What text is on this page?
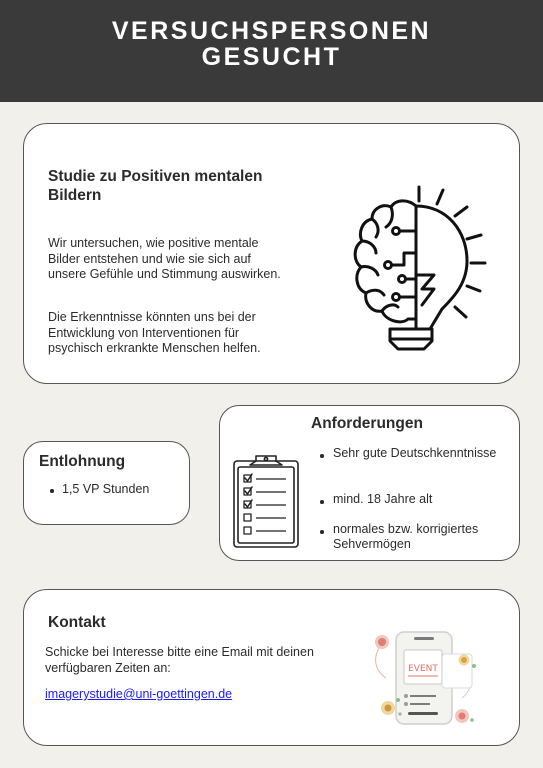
VERSUCHSPERSONEN
GESUCHT
Studie zu Positiven mentalen Bildern
Wir untersuchen, wie positive mentale Bilder entstehen und wie sie sich auf unsere Gefühle und Stimmung auswirken.
Die Erkenntnisse könnten uns bei der Entwicklung von Interventionen für psychisch erkrankte Menschen helfen.
Entlohnung
1,5 VP Stunden
Anforderungen
Sehr gute Deutschkenntnisse
mind. 18 Jahre alt
normales bzw. korrigiertes Sehvermögen
Kontakt
Schicke bei Interesse bitte eine Email mit deinen verfügbaren Zeiten an:
imagerystudie@uni-goettingen.de
EVENT
